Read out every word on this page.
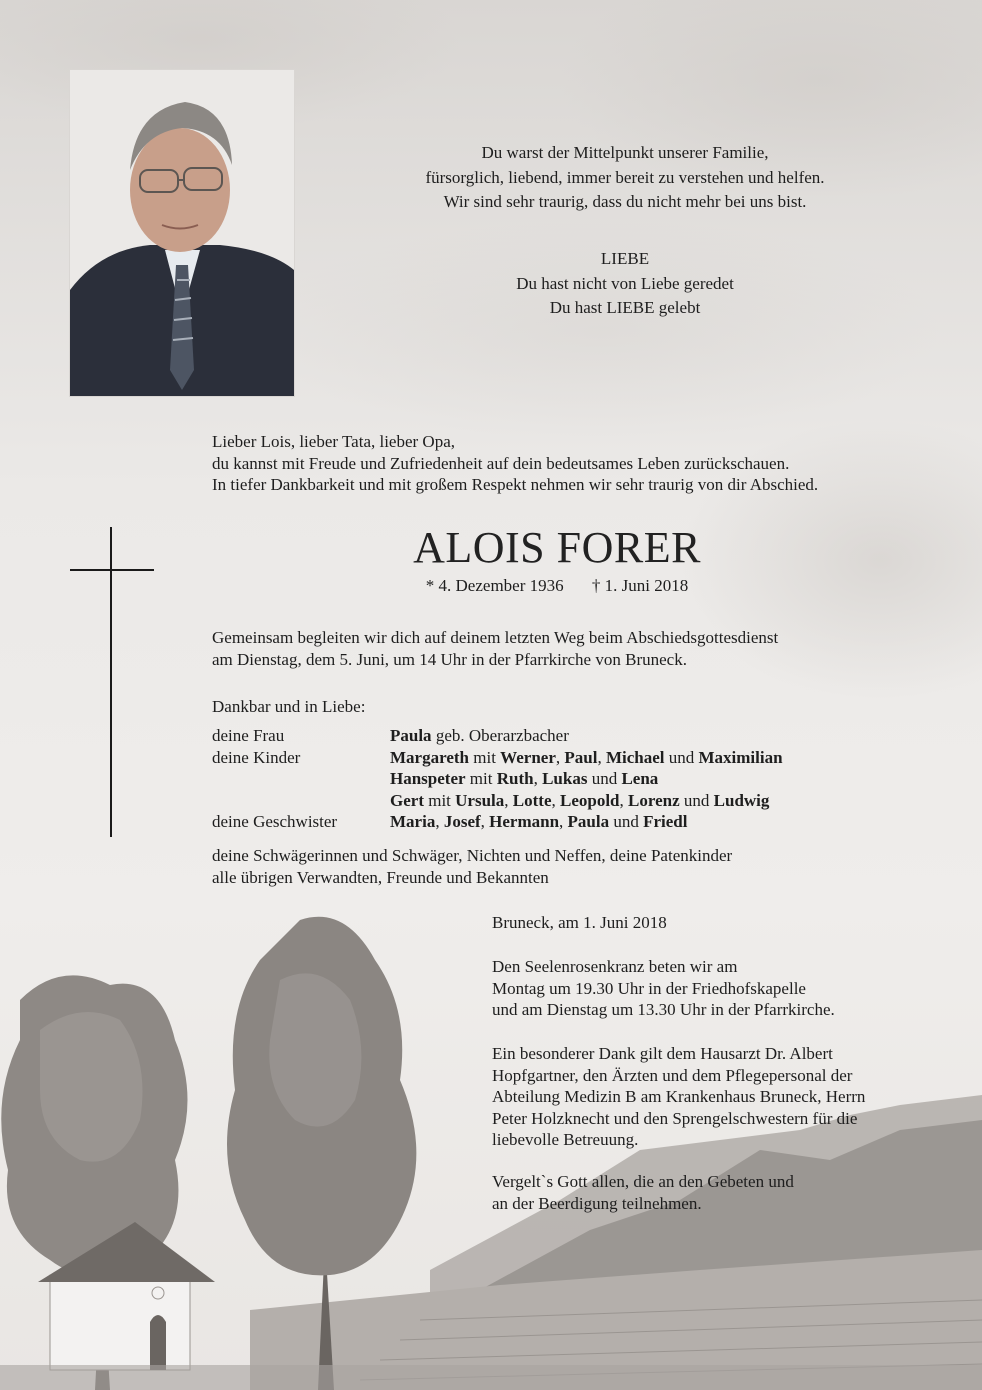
Du warst der Mittelpunkt unserer Familie,
fürsorglich, liebend, immer bereit zu verstehen und helfen.
Wir sind sehr traurig, dass du nicht mehr bei uns bist.
LIEBE
Du hast nicht von Liebe geredet
Du hast LIEBE gelebt
Lieber Lois, lieber Tata, lieber Opa,
du kannst mit Freude und Zufriedenheit auf dein bedeutsames Leben zurückschauen.
In tiefer Dankbarkeit und mit großem Respekt nehmen wir sehr traurig von dir Abschied.
ALOIS FORER
* 4. Dezember 1936 † 1. Juni 2018
Gemeinsam begleiten wir dich auf deinem letzten Weg beim Abschiedsgottesdienst
am Dienstag, dem 5. Juni, um 14 Uhr in der Pfarrkirche von Bruneck.
Dankbar und in Liebe:
deine Frau	Paula geb. Oberarzbacher
deine Kinder	Margareth mit Werner, Paul, Michael und Maximilian
	Hanspeter mit Ruth, Lukas und Lena
	Gert mit Ursula, Lotte, Leopold, Lorenz und Ludwig
deine Geschwister	Maria, Josef, Hermann, Paula und Friedl
deine Schwägerinnen und Schwäger, Nichten und Neffen, deine Patenkinder
alle übrigen Verwandten, Freunde und Bekannten
Bruneck, am 1. Juni 2018
Den Seelenrosenkranz beten wir am
Montag um 19.30 Uhr in der Friedhofskapelle
und am Dienstag um 13.30 Uhr in der Pfarrkirche.
Ein besonderer Dank gilt dem Hausarzt Dr. Albert
Hopfgartner, den Ärzten und dem Pflegepersonal der
Abteilung Medizin B am Krankenhaus Bruneck, Herrn
Peter Holzknecht und den Sprengelschwestern für die
liebevolle Betreuung.
Vergelt`s Gott allen, die an den Gebeten und
an der Beerdigung teilnehmen.
